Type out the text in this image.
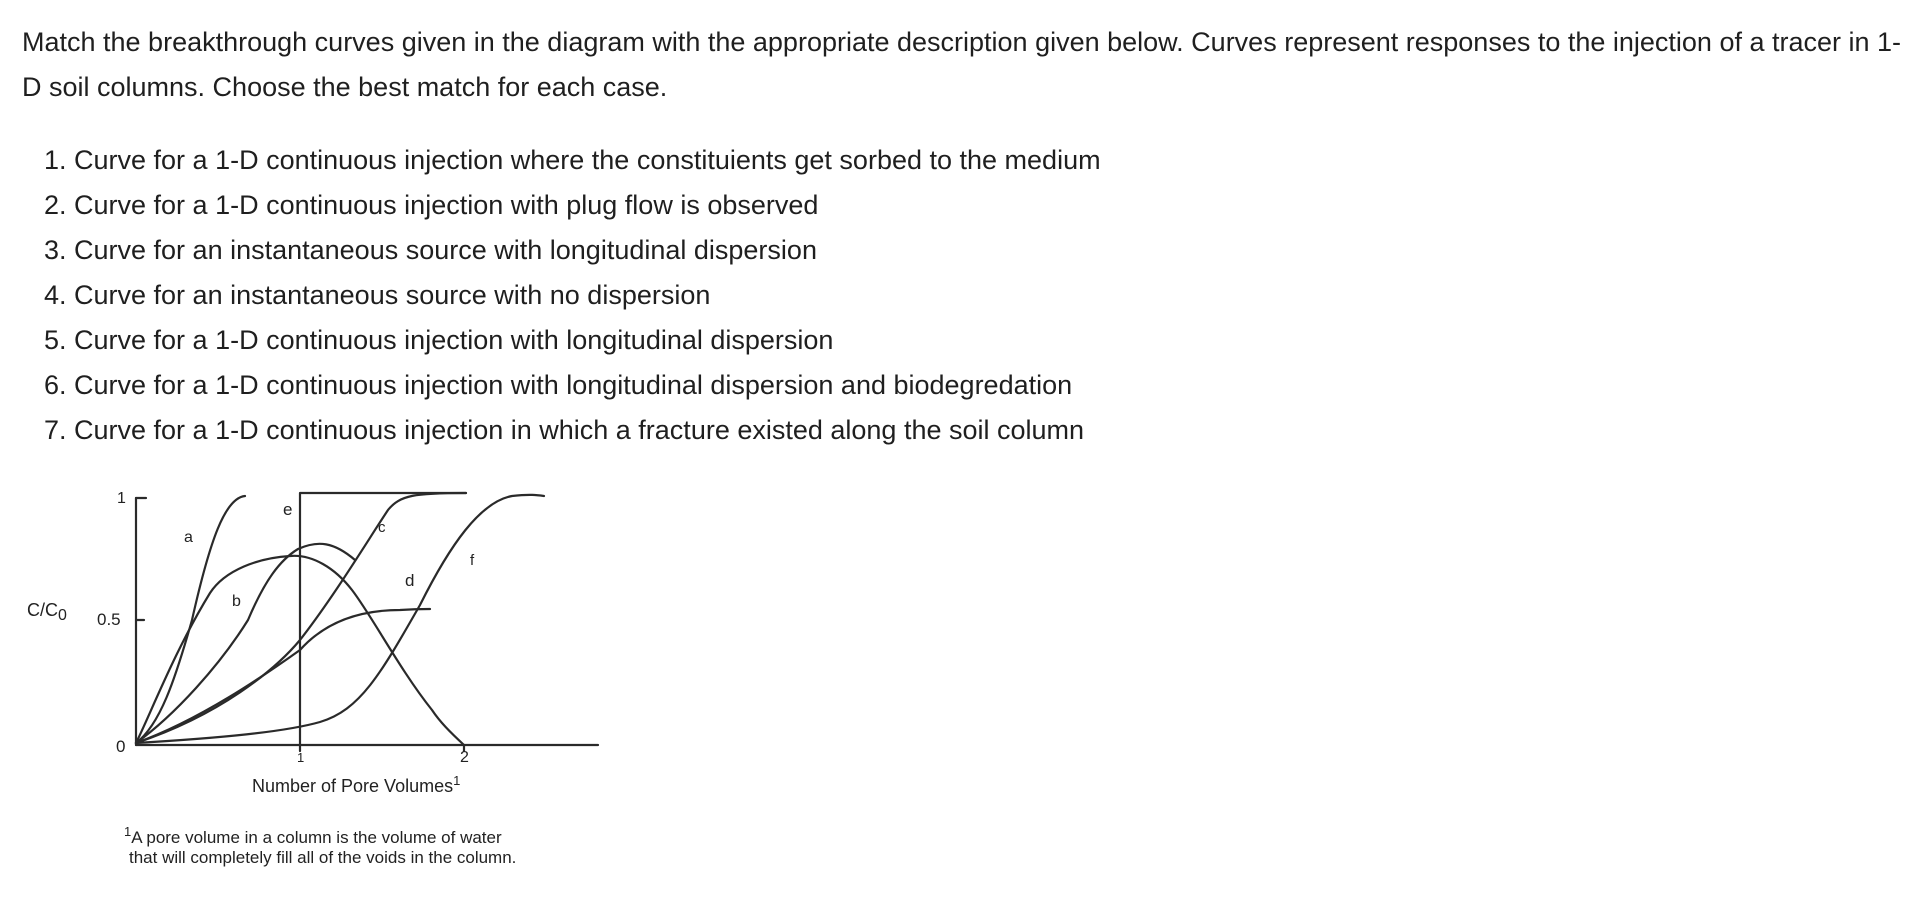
Match the breakthrough curves given in the diagram with the appropriate description given below. Curves represent responses to the injection of a tracer in 1-D soil columns. Choose the best match for each case.

1. Curve for a 1-D continuous injection where the constituients get sorbed to the medium
2. Curve for a 1-D continuous injection with plug flow is observed
3. Curve for an instantaneous source with longitudinal dispersion
4. Curve for an instantaneous source with no dispersion
5. Curve for a 1-D continuous injection with longitudinal dispersion
6. Curve for a 1-D continuous injection with longitudinal dispersion and biodegredation
7. Curve for a 1-D continuous injection in which a fracture existed along the soil column
1
0.5
0
1	2
C/C0
a
b
e
c
d
f
Number of Pore Volumes$^1$
$^1$A pore volume in a column is the volume of water
that will completely fill all of the voids in the column.
